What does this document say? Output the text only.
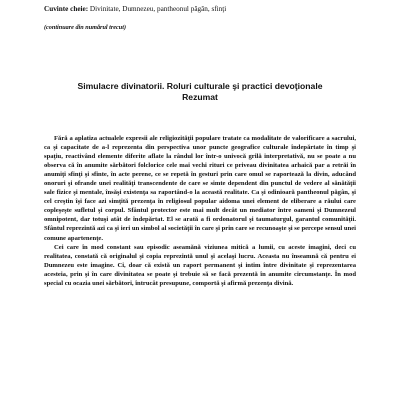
Cuvinte cheie: Divinitate, Dumnezeu, pantheonul păgân, sfinţi
(continuare din numărul trecut)
Simulacre divinatorii. Roluri culturale şi practici devoţionale
Rezumat

Fără a aplatiza actualele expresii ale religiozităţii populare tratate ca modalitate de valorificare a sacrului, ca şi capacitate de a-l reprezenta din perspectiva unor puncte geografice culturale îndepărtate în timp şi spaţiu, reactivând elemente diferite aflate la rândul lor într-o univocă grilă interpretativă, nu se poate a nu observa că în anumite sărbători folclorice cele mai vechi rituri ce priveau divinitatea arhaică par a retrăi în anumiţi sfinţi şi sfinte, în acte perene, ce se repetă în gesturi prin care omul se raportează la divin, aducând onoruri şi ofrande unei realităţi transcendente de care se simte dependent din punctul de vedere al sănătăţii sale fizice şi mentale, însăşi existenţa sa raportând-o la această realitate. Ca şi odinioară pantheonul păgân, şi cel creştin îşi face azi simţită prezenţa în religiosul popular aidoma unei element de eliberare a răului care copleşeşte sufletul şi corpul. Sfântul protector este mai mult decât un mediator între oameni şi Dumnezeul omnipotent, dar totuşi atât de îndepărtat. El se arată a fi ordonatorul şi taumaturgul, garantul comunităţii. Sfântul reprezintă azi ca şi ieri un simbol al societăţii în care şi prin care se recunoaşte şi se percepe sensul unei comune apartenenţe.

Cei care în mod constant sau episodic aseamănă viziunea mitică a lumii, cu aceste imagini, deci cu realitatea, constată că originalul şi copia reprezintă unul şi acelaşi lucru. Aceasta nu înseamnă că pentru ei Dumnezeu este imagine. Ci, doar că există un raport permanent şi intim între divinitate şi reprezentarea acesteia, prin şi în care divinitatea se poate şi trebuie să se facă prezentă în anumite circumstanţe. În mod special cu ocazia unei sărbători, întrucât presupune, comportă şi afirmă prezenţa divină.
